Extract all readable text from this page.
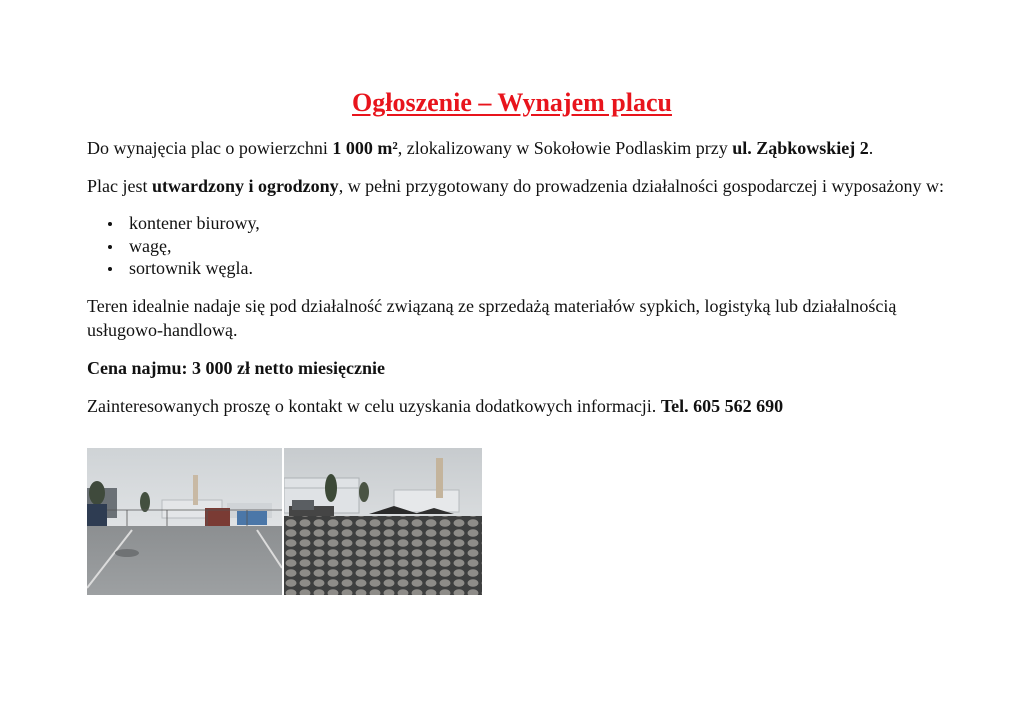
Ogłoszenie – Wynajem placu

Do wynajęcia plac o powierzchni 1 000 m², zlokalizowany w Sokołowie Podlaskim przy ul. Ząbkowskiej 2.

Plac jest utwardzony i ogrodzony, w pełni przygotowany do prowadzenia działalności gospodarczej i wyposażony w:

kontener biurowy,
wagę,
sortownik węgla.

Teren idealnie nadaje się pod działalność związaną ze sprzedażą materiałów sypkich, logistyką lub działalnością usługowo-handlową.

Cena najmu: 3 000 zł netto miesięcznie

Zainteresowanych proszę o kontakt w celu uzyskania dodatkowych informacji. Tel. 605 562 690
